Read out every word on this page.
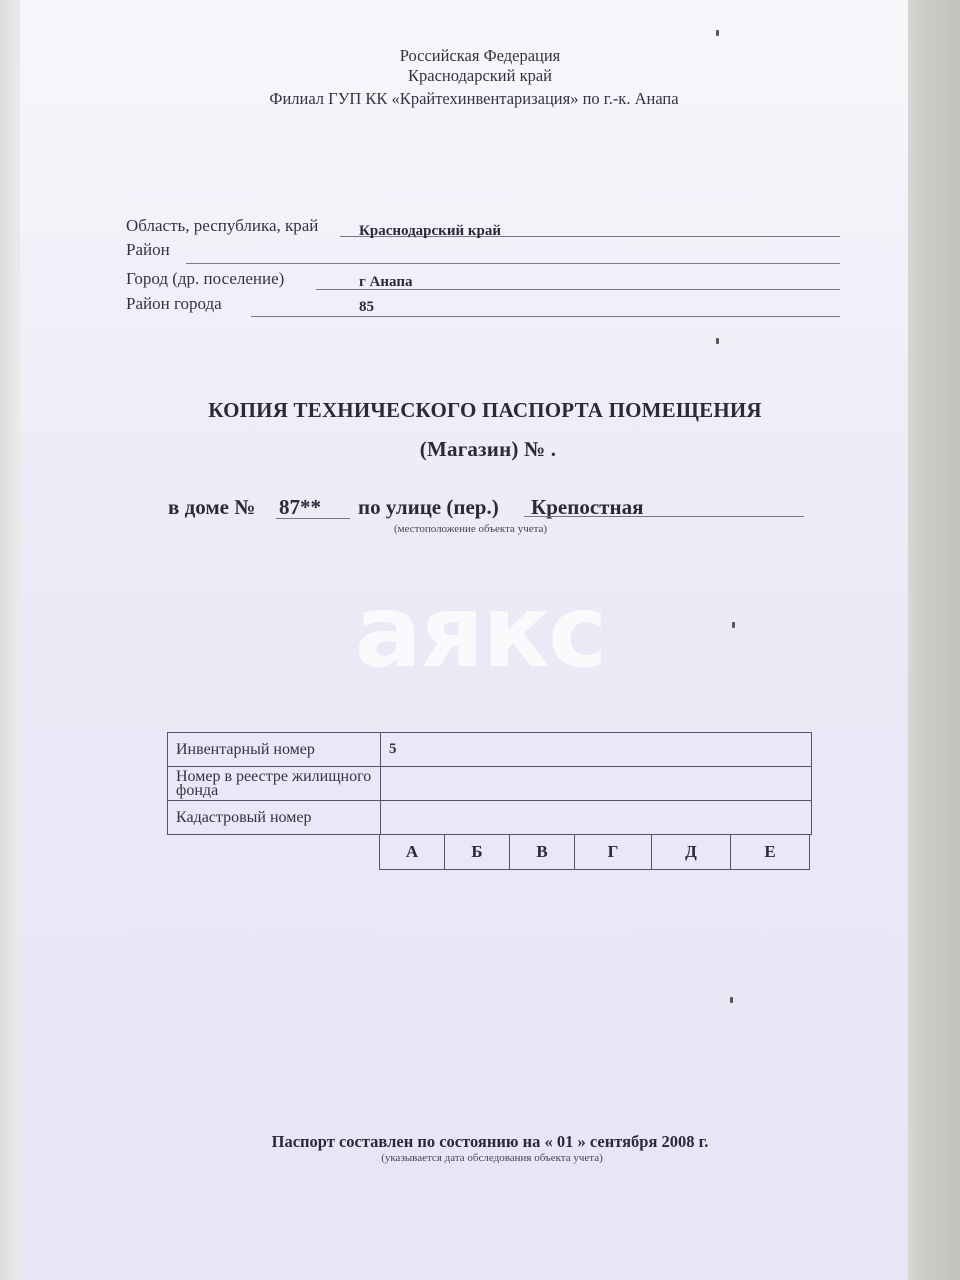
Российская Федерация
Краснодарский край
Филиал ГУП КК «Крайтехинвентаризация» по г.-к. Анапа
Область, республика, край	Краснодарский край
Район
Город (др. поселение)	г Анапа
Район города	85
КОПИЯ ТЕХНИЧЕСКОГО ПАСПОРТА ПОМЕЩЕНИЯ
(Магазин) № .
в доме № 87** по улице (пер.) Крепостная
(местоположение объекта учета)
аякс
Инвентарный номер	5
Номер в реестре жилищного фонда	
Кадастровый номер	
А	Б	В	Г	Д	Е
Паспорт составлен по состоянию на « 01 » сентября 2008 г.
(указывается дата обследования объекта учета)
